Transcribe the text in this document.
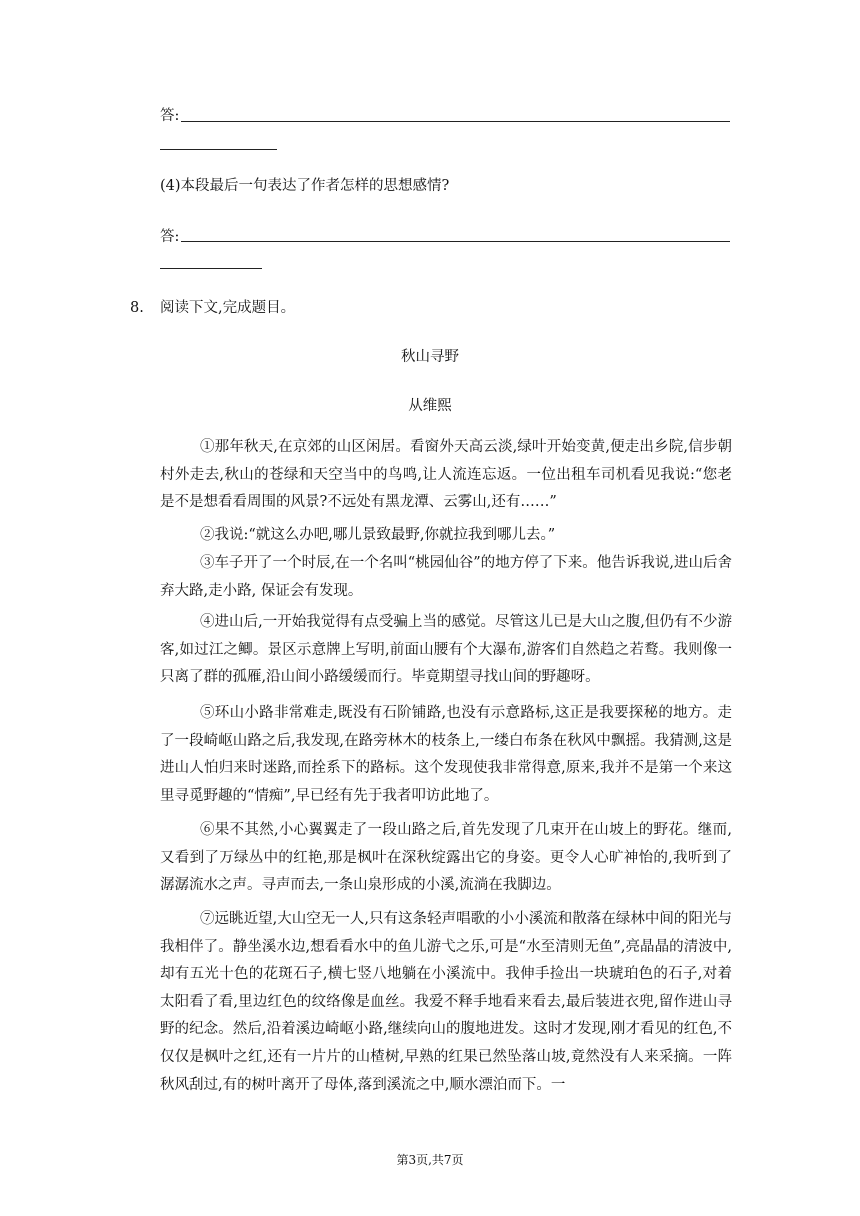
答:
(4)本段最后一句表达了作者怎样的思想感情?
答:
8. 阅读下文,完成题目。
秋山寻野
从维熙
①那年秋天,在京郊的山区闲居。看窗外天高云淡,绿叶开始变黄,便走出乡院,信步朝村外走去,秋山的苍绿和天空当中的鸟鸣,让人流连忘返。一位出租车司机看见我说:“您老是不是想看看周围的风景?不远处有黑龙潭、云雾山,还有‥‥‥”
②我说:“就这么办吧,哪儿景致最野,你就拉我到哪儿去。”
③车子开了一个时辰,在一个名叫“桃园仙谷”的地方停了下来。他告诉我说,进山后舍弃大路,走小路, 保证会有发现。
④进山后,一开始我觉得有点受骗上当的感觉。尽管这儿已是大山之腹,但仍有不少游客,如过江之鲫。景区示意牌上写明,前面山腰有个大瀑布,游客们自然趋之若鹜。我则像一只离了群的孤雁,沿山间小路缓缓而行。毕竟期望寻找山间的野趣呀。
⑤环山小路非常难走,既没有石阶铺路,也没有示意路标,这正是我要探秘的地方。走了一段崎岖山路之后,我发现,在路旁林木的枝条上,一缕白布条在秋风中飘摇。我猜测,这是进山人怕归来时迷路,而拴系下的路标。这个发现使我非常得意,原来,我并不是第一个来这里寻觅野趣的“情痴”,早已经有先于我者叩访此地了。
⑥果不其然,小心翼翼走了一段山路之后,首先发现了几束开在山坡上的野花。继而,又看到了万绿丛中的红艳,那是枫叶在深秋绽露出它的身姿。更令人心旷神怡的,我听到了潺潺流水之声。寻声而去,一条山泉形成的小溪,流淌在我脚边。
⑦远眺近望,大山空无一人,只有这条轻声唱歌的小小溪流和散落在绿林中间的阳光与我相伴了。静坐溪水边,想看看水中的鱼儿游弋之乐,可是“水至清则无鱼”,亮晶晶的清波中,却有五光十色的花斑石子,横七竖八地躺在小溪流中。我伸手捡出一块琥珀色的石子,对着太阳看了看,里边红色的纹络像是血丝。我爱不释手地看来看去,最后装进衣兜,留作进山寻野的纪念。然后,沿着溪边崎岖小路,继续向山的腹地进发。这时才发现,刚才看见的红色,不仅仅是枫叶之红,还有一片片的山楂树,早熟的红果已然坠落山坡,竟然没有人来采摘。一阵秋风刮过,有的树叶离开了母体,落到溪流之中,顺水漂泊而下。一
第3页,共7页
